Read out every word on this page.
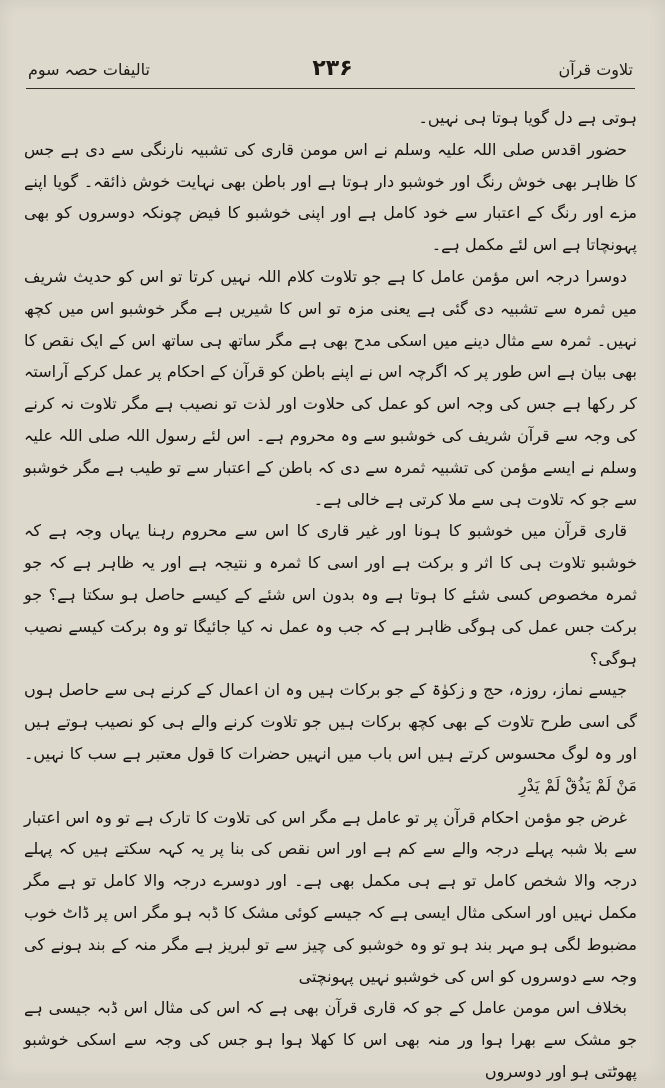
تالیفات حصہ سوم	۲۳۶	تلاوت قرآن

ہوتی ہے دل گویا ہوتا ہی نہیں۔

حضور اقدس صلی اللہ علیہ وسلم نے اس مومن قاری کی تشبیہ نارنگی سے دی ہے جس کا ظاہر بھی خوش رنگ اور خوشبو دار ہوتا ہے اور باطن بھی نہایت خوش ذائقہ۔ گویا اپنے مزے اور رنگ کے اعتبار سے خود کامل ہے اور اپنی خوشبو کا فیض چونکہ دوسروں کو بھی پہونچاتا ہے اس لئے مکمل ہے۔

دوسرا درجہ اس مؤمن عامل کا ہے جو تلاوت کلام اللہ نہیں کرتا تو اس کو حدیث شریف میں ثمرہ سے تشبیہ دی گئی ہے یعنی مزہ تو اس کا شیریں ہے مگر خوشبو اس میں کچھ نہیں۔ ثمرہ سے مثال دینے میں اسکی مدح بھی ہے مگر ساتھ ہی ساتھ اس کے ایک نقص کا بھی بیان ہے اس طور پر کہ اگرچہ اس نے اپنے باطن کو قرآن کے احکام پر عمل کرکے آراستہ کر رکھا ہے جس کی وجہ اس کو عمل کی حلاوت اور لذت تو نصیب ہے مگر تلاوت نہ کرنے کی وجہ سے قرآن شریف کی خوشبو سے وہ محروم ہے۔ اس لئے رسول اللہ صلی اللہ علیہ وسلم نے ایسے مؤمن کی تشبیہ ثمرہ سے دی کہ باطن کے اعتبار سے تو طیب ہے مگر خوشبو سے جو کہ تلاوت ہی سے ملا کرتی ہے خالی ہے۔

قاری قرآن میں خوشبو کا ہونا اور غیر قاری کا اس سے محروم رہنا یہاں وجہ ہے کہ خوشبو تلاوت ہی کا اثر و برکت ہے اور اسی کا ثمرہ و نتیجہ ہے اور یہ ظاہر ہے کہ جو ثمرہ مخصوص کسی شئے کا ہوتا ہے وہ بدون اس شئے کے کیسے حاصل ہو سکتا ہے؟ جو برکت جس عمل کی ہوگی ظاہر ہے کہ جب وہ عمل نہ کیا جائیگا تو وہ برکت کیسے نصیب ہوگی؟

جیسے نماز، روزہ، حج و زکوٰۃ کے جو برکات ہیں وہ ان اعمال کے کرنے ہی سے حاصل ہوں گی اسی طرح تلاوت کے بھی کچھ برکات ہیں جو تلاوت کرنے والے ہی کو نصیب ہوتے ہیں اور وہ لوگ محسوس کرتے ہیں اس باب میں انہیں حضرات کا قول معتبر ہے سب کا نہیں۔ مَنْ لَمْ يَذُقْ لَمْ يَدْرِ

غرض جو مؤمن احکام قرآن پر تو عامل ہے مگر اس کی تلاوت کا تارک ہے تو وہ اس اعتبار سے بلا شبہ پہلے درجہ والے سے کم ہے اور اس نقص کی بنا پر یہ کہہ سکتے ہیں کہ پہلے درجہ والا شخص کامل تو ہے ہی مکمل بھی ہے۔ اور دوسرے درجہ والا کامل تو ہے مگر مکمل نہیں اور اسکی مثال ایسی ہے کہ جیسے کوئی مشک کا ڈبہ ہو مگر اس پر ڈاٹ خوب مضبوط لگی ہو مہر بند ہو تو وہ خوشبو کی چیز سے تو لبریز ہے مگر منہ کے بند ہونے کی وجہ سے دوسروں کو اس کی خوشبو نہیں پہونچتی

بخلاف اس مومن عامل کے جو کہ قاری قرآن بھی ہے کہ اس کی مثال اس ڈبہ جیسی ہے جو مشک سے بھرا ہوا ور منہ بھی اس کا کھلا ہوا ہو جس کی وجہ سے اسکی خوشبو پھوٹتی ہو اور دوسروں
